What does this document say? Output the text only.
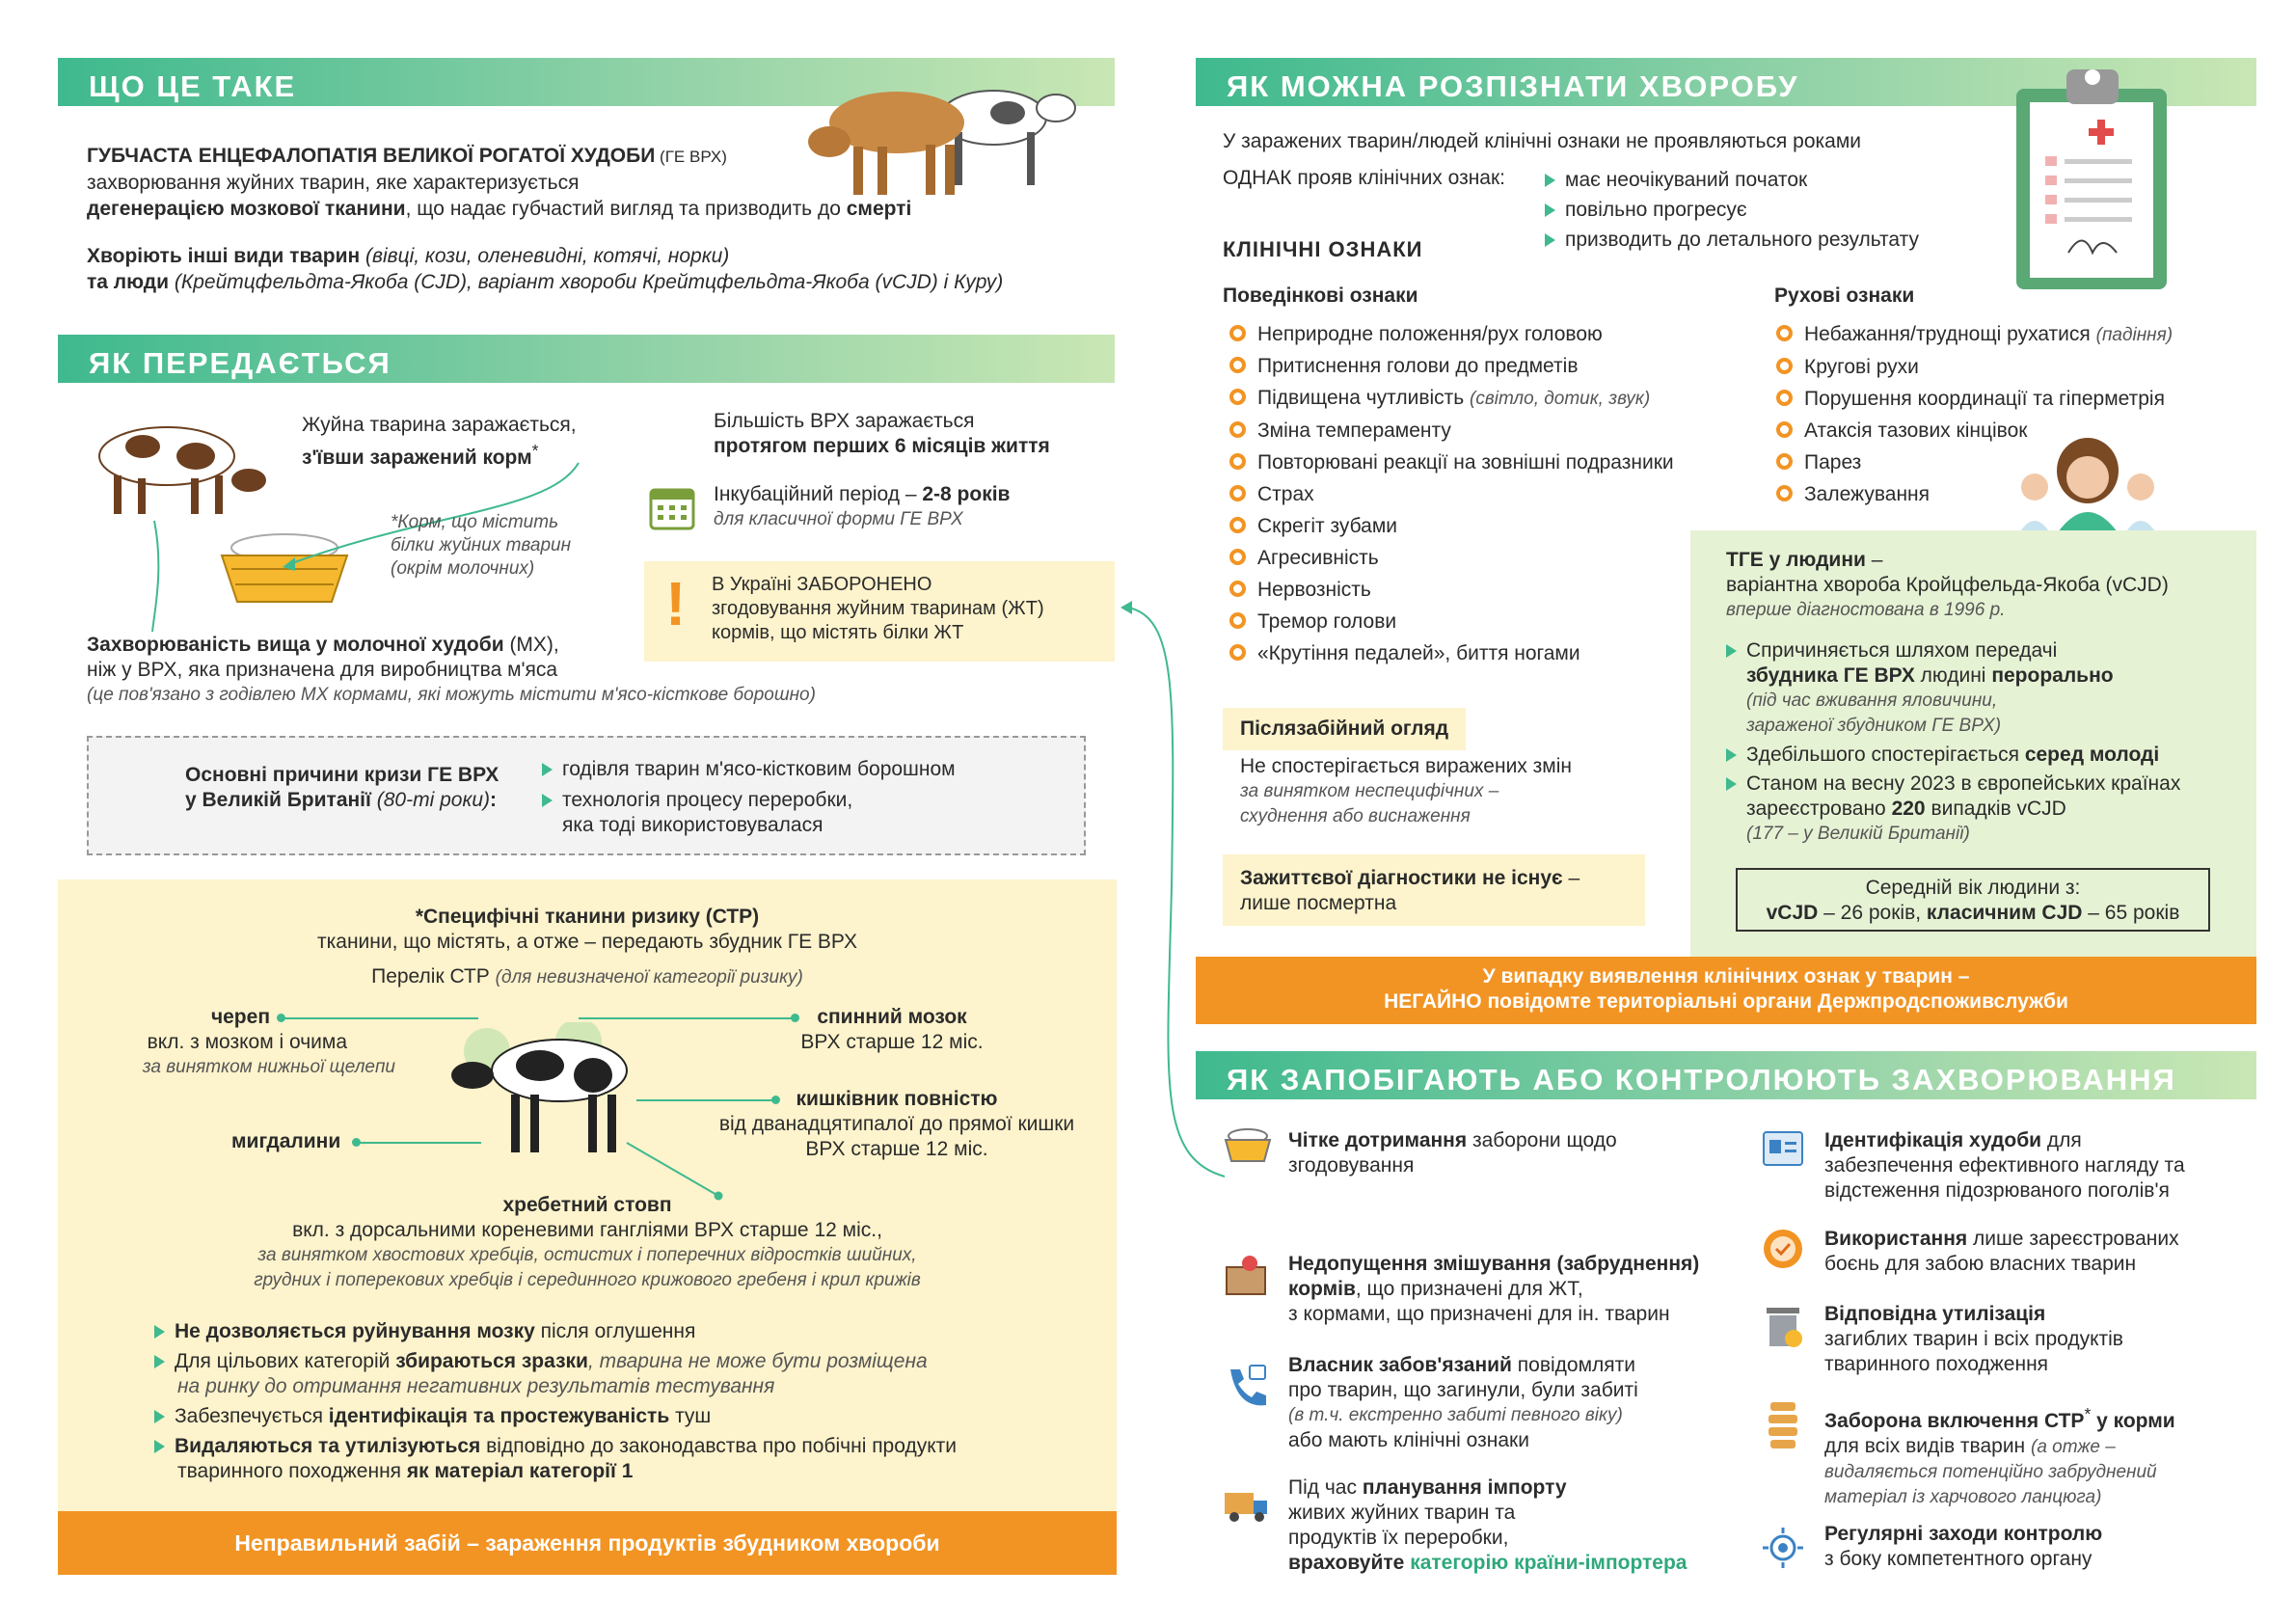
ЩО ЦЕ ТАКЕ
ГУБЧАСТА ЕНЦЕФАЛОПАТІЯ ВЕЛИКОЇ РОГАТОЇ ХУДОБИ (ГЕ ВРХ)
захворювання жуйних тварин, яке характеризується
дегенерацією мозкової тканини, що надає губчастий вигляд та призводить до смерті
Хворіють інші види тварин (вівці, кози, оленевидні, котячі, норки)
та люди (Крейтцфельдта-Якоба (CJD), варіант хвороби Крейтцфельдта-Якоба (vCJD) і Куру)
ЯК ПЕРЕДАЄТЬСЯ
Жуйна тварина заражається,
з'ївши заражений корм*
*Корм, що містить
білки жуйних тварин
(окрім молочних)
Більшість ВРХ заражається
протягом перших 6 місяців життя
Інкубаційний період – 2-8 років
для класичної форми ГЕ ВРХ
! В Україні ЗАБОРОНЕНО
згодовування жуйним тваринам (ЖТ)
кормів, що містять білки ЖТ
Захворюваність вища у молочної худоби (МХ),
ніж у ВРХ, яка призначена для виробництва м'яса
(це пов'язано з годівлею МХ кормами, які можуть містити м'ясо-кісткове борошно)
Основні причини кризи ГЕ ВРХ
у Великій Британії (80-ті роки):
годівля тварин м'ясо-кістковим борошном
технологія процесу переробки,
яка тоді використовувалася
*Специфічні тканини ризику (СТР)
тканини, що містять, а отже – передають збудник ГЕ ВРХ
Перелік СТР (для невизначеної категорії ризику)
череп
вкл. з мозком і очима
за винятком нижньої щелепи
мигдалини
спинний мозок
ВРХ старше 12 міс.
кишківник повністю
від дванадцятипалої до прямої кишки
ВРХ старше 12 міс.
хребетний стовп
вкл. з дорсальними кореневими гангліями ВРХ старше 12 міс.,
за винятком хвостових хребців, остистих і поперечних відростків шийних,
грудних і поперекових хребців і серединного крижового гребеня і крил крижів
Не дозволяється руйнування мозку після оглушення
Для цільових категорій збираються зразки, тварина не може бути розміщена
на ринку до отримання негативних результатів тестування
Забезпечується ідентифікація та простежуваність туш
Видаляються та утилізуються відповідно до законодавства про побічні продукти
тваринного походження як матеріал категорії 1
Неправильний забій – зараження продуктів збудником хвороби
ЯК МОЖНА РОЗПІЗНАТИ ХВОРОБУ
У заражених тварин/людей клінічні ознаки не проявляються роками
ОДНАК прояв клінічних ознак:	має неочікуваний початок
повільно прогресує
призводить до летального результату
КЛІНІЧНІ ОЗНАКИ
Поведінкові ознаки
Неприродне положення/рух головою
Притиснення голови до предметів
Підвищена чутливість (світло, дотик, звук)
Зміна темпераменту
Повторювані реакції на зовнішні подразники
Страх
Скрегіт зубами
Агресивність
Нервозність
Тремор голови
«Крутіння педалей», биття ногами
Рухові ознаки
Небажання/труднощі рухатися (падіння)
Кругові рухи
Порушення координації та гіперметрія
Атаксія тазових кінцівок
Парез
Залежування
ТГЕ у людини –
варіантна хвороба Кройцфельда-Якоба (vCJD)
вперше діагностована в 1996 р.
Спричиняється шляхом передачі
збудника ГЕ ВРХ людині перорально
(під час вживання яловичини,
зараженої збудником ГЕ ВРХ)
Здебільшого спостерігається серед молоді
Станом на весну 2023 в європейських країнах
зареєстровано 220 випадків vCJD
(177 – у Великій Британії)
Середній вік людини з:
vCJD – 26 років, класичним CJD – 65 років
Післязабійний огляд
Не спостерігається виражених змін
за винятком неспецифічних –
схуднення або виснаження
Зажиттєвої діагностики не існує –
лише посмертна
У випадку виявлення клінічних ознак у тварин –
НЕГАЙНО повідомте територіальні органи Держпродспоживслужби
ЯК ЗАПОБІГАЮТЬ АБО КОНТРОЛЮЮТЬ ЗАХВОРЮВАННЯ
Чітке дотримання заборони щодо
згодовування
Недопущення змішування (забруднення)
кормів, що призначені для ЖТ,
з кормами, що призначені для ін. тварин
Власник забов'язаний повідомляти
про тварин, що загинули, були забиті
(в т.ч. екстренно забиті певного віку)
або мають клінічні ознаки
Під час планування імпорту
живих жуйних тварин та
продуктів їх переробки,
враховуйте категорію країни-імпортера
Ідентифікація худоби для
забезпечення ефективного нагляду та
відстеження підозрюваного поголів'я
Використання лише зареєстрованих
боєнь для забою власних тварин
Відповідна утилізація
загиблих тварин і всіх продуктів
тваринного походження
Заборона включення СТР* у корми
для всіх видів тварин (а отже –
видаляється потенційно забруднений
матеріал із харчового ланцюга)
Регулярні заходи контролю
з боку компетентного органу
